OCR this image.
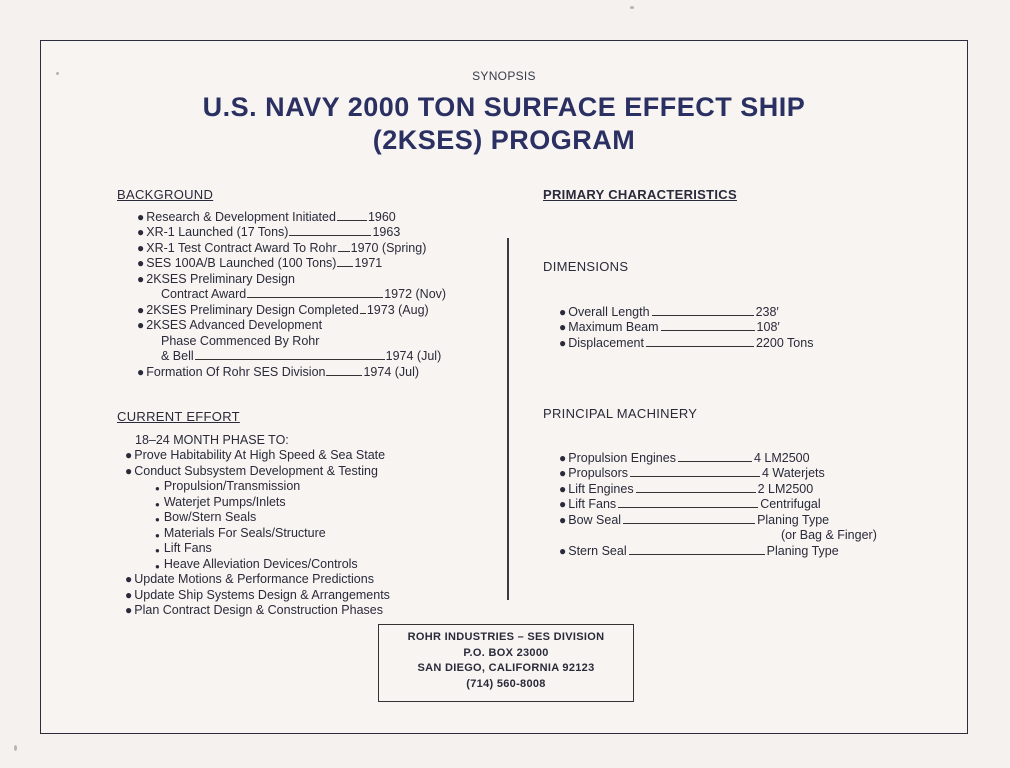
SYNOPSIS
U.S. NAVY 2000 TON SURFACE EFFECT SHIP
(2KSES) PROGRAM
BACKGROUND
● Research & Development Initiated	1960
● XR-1 Launched (17 Tons)	1963
● XR-1 Test Contract Award To Rohr 1970 (Spring)
● SES 100A/B Launched (100 Tons) 1971
● 2KSES Preliminary Design
Contract Award	1972 (Nov)
● 2KSES Preliminary Design Completed 1973 (Aug)
● 2KSES Advanced Development
Phase Commenced By Rohr
& Bell	1974 (Jul)
● Formation Of Rohr SES Division	1974 (Jul)
CURRENT EFFORT
18–24 MONTH PHASE TO:
● Prove Habitability At High Speed & Sea State
● Conduct Subsystem Development & Testing
● Propulsion/Transmission
● Waterjet Pumps/Inlets
● Bow/Stern Seals
● Materials For Seals/Structure
● Lift Fans
● Heave Alleviation Devices/Controls
● Update Motions & Performance Predictions
● Update Ship Systems Design & Arrangements
● Plan Contract Design & Construction Phases
PRIMARY CHARACTERISTICS
DIMENSIONS
● Overall Length	238′
● Maximum Beam	108′
● Displacement	2200 Tons
PRINCIPAL MACHINERY
● Propulsion Engines	4 LM2500
● Propulsors	4 Waterjets
● Lift Engines	2 LM2500
● Lift Fans	Centrifugal
● Bow Seal	Planing Type
(or Bag & Finger)
● Stern Seal	Planing Type
ROHR INDUSTRIES – SES DIVISION
P.O. BOX 23000
SAN DIEGO, CALIFORNIA 92123
(714) 560-8008
